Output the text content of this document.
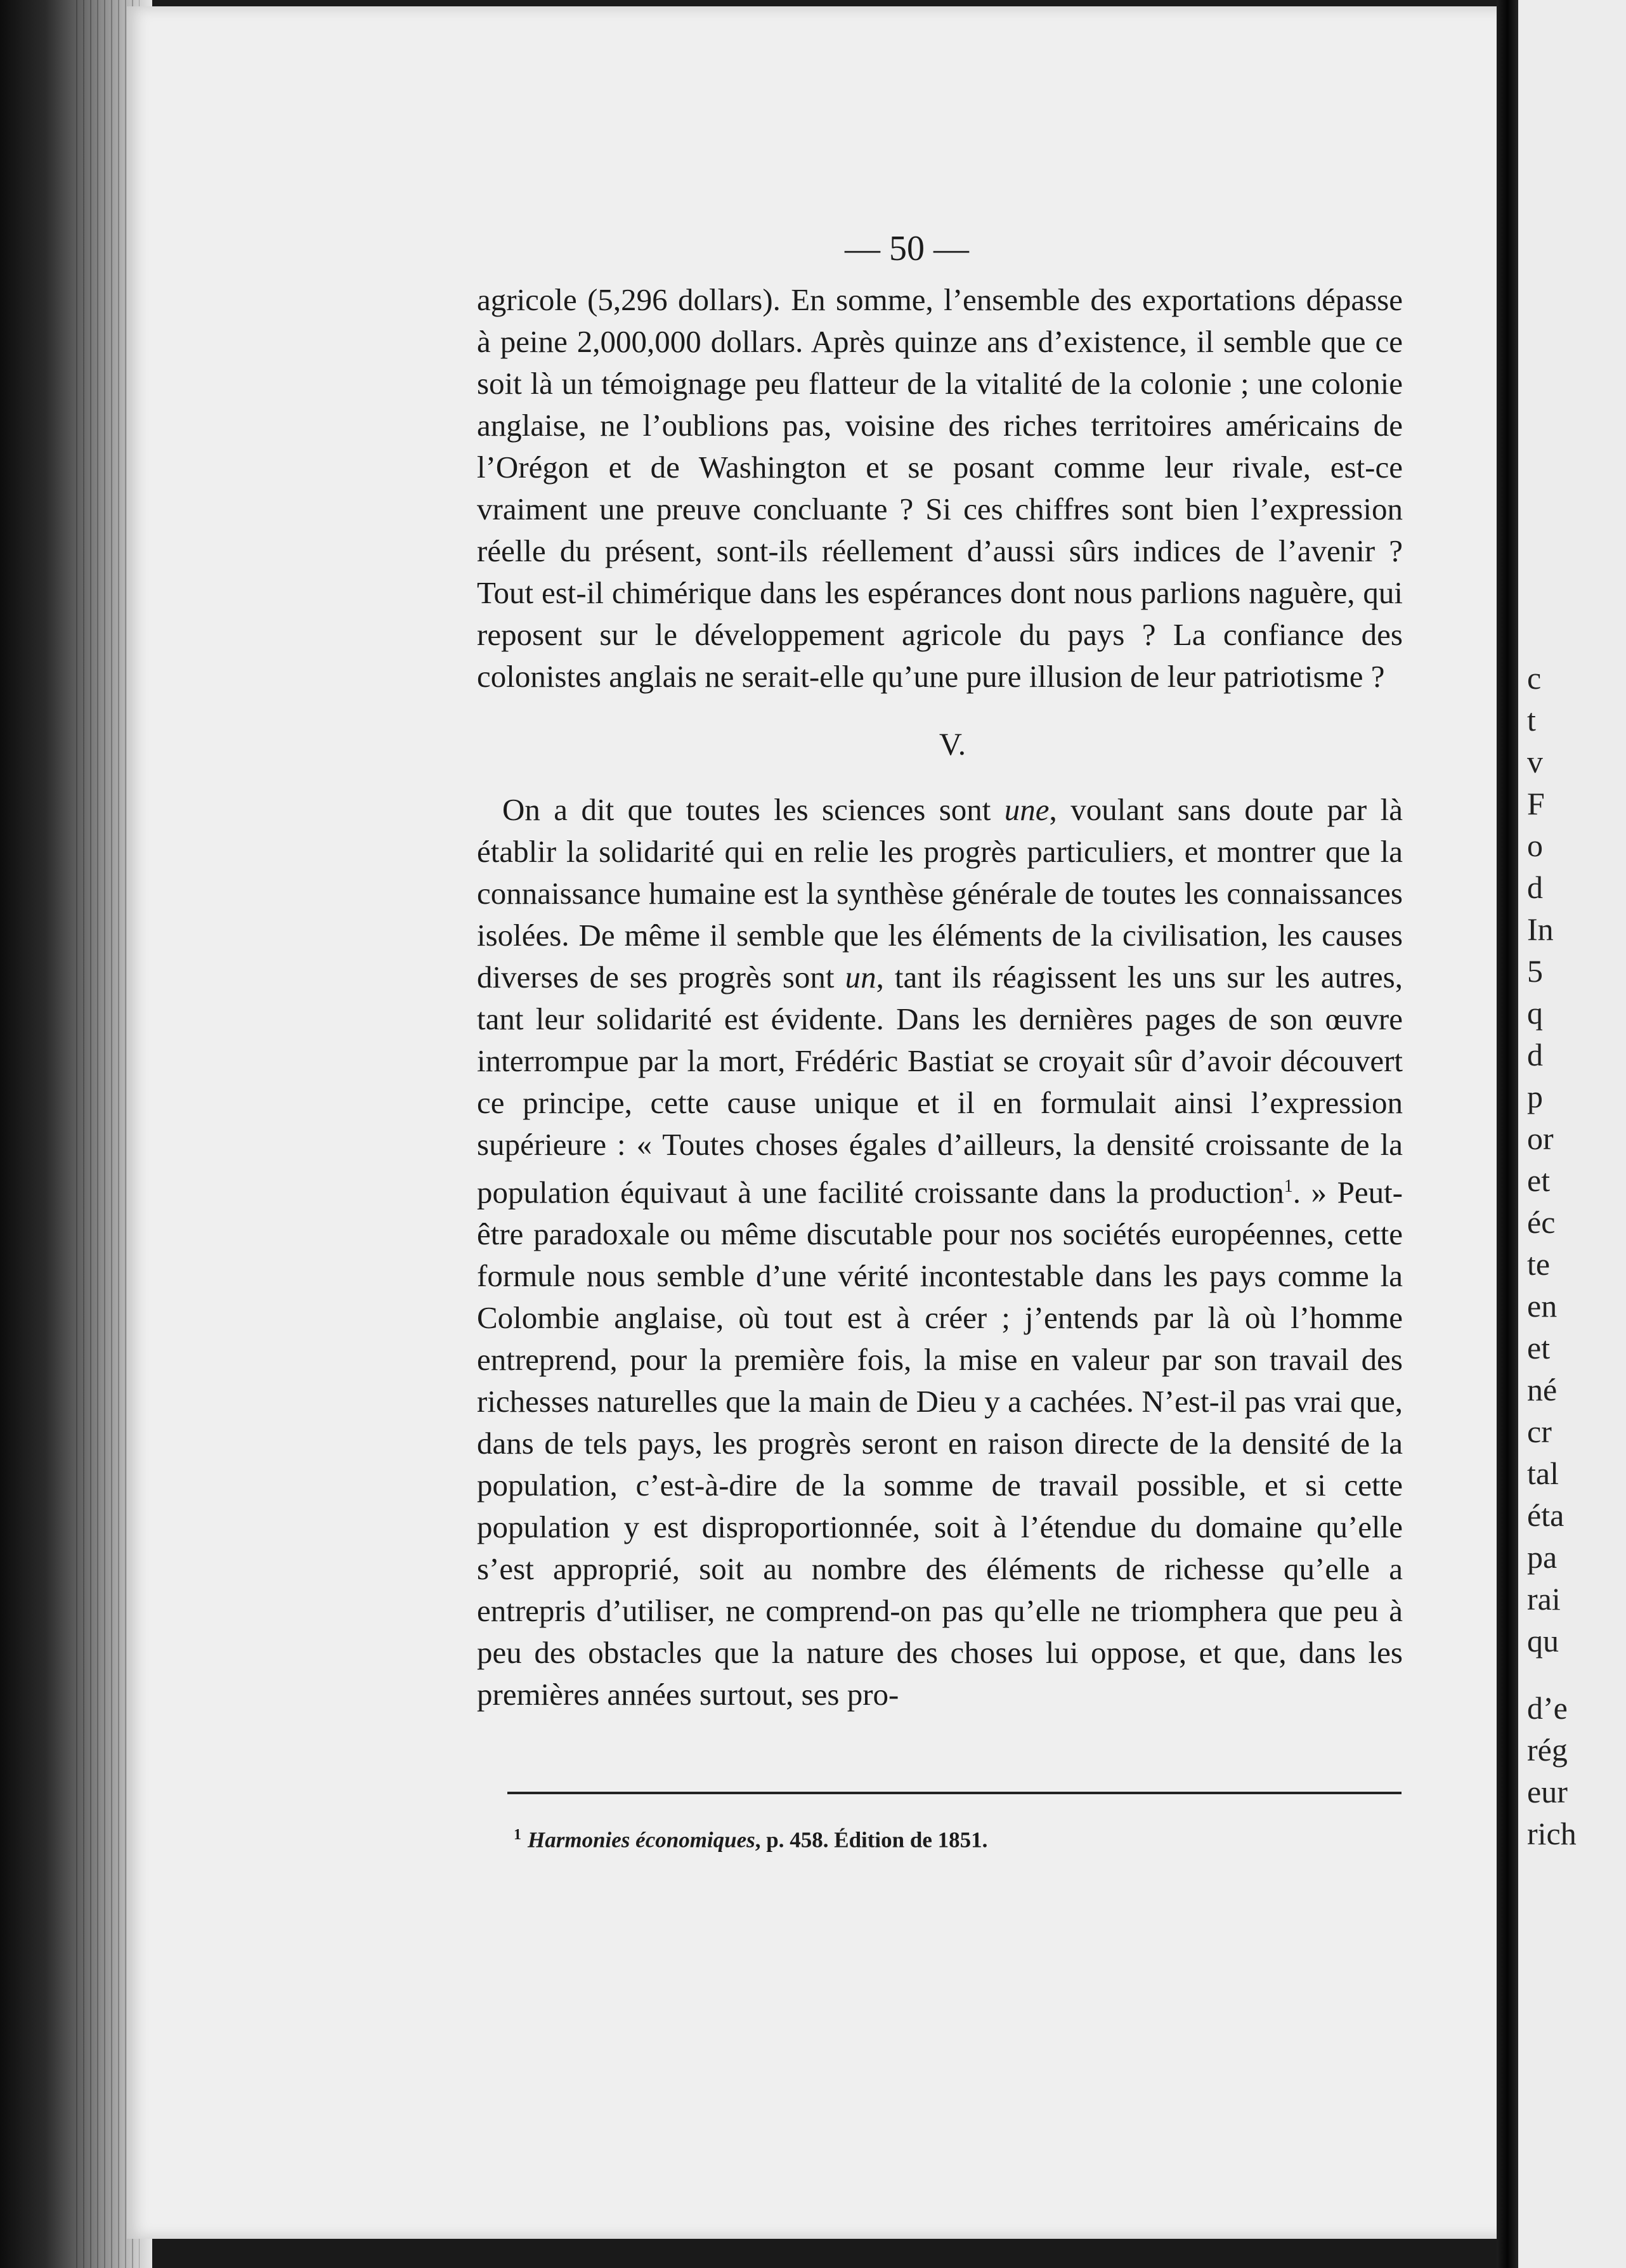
— 50 —

agricole (5,296 dollars). En somme, l’ensemble des exportations dépasse à peine 2,000,000 dollars. Après quinze ans d’existence, il semble que ce soit là un témoignage peu flatteur de la vitalité de la colonie ; une colonie anglaise, ne l’oublions pas, voisine des riches territoires américains de l’Orégon et de Washington et se posant comme leur rivale, est-ce vraiment une preuve concluante ? Si ces chiffres sont bien l’expression réelle du présent, sont-ils réellement d’aussi sûrs indices de l’avenir ? Tout est-il chimérique dans les espérances dont nous parlions naguère, qui reposent sur le développement agricole du pays ? La confiance des colonistes anglais ne serait-elle qu’une pure illusion de leur patriotisme ?

V.

On a dit que toutes les sciences sont une, voulant sans doute par là établir la solidarité qui en relie les progrès particuliers, et montrer que la connaissance humaine est la synthèse générale de toutes les connaissances isolées. De même il semble que les éléments de la civilisation, les causes diverses de ses progrès sont un, tant ils réagissent les uns sur les autres, tant leur solidarité est évidente. Dans les dernières pages de son œuvre interrompue par la mort, Frédéric Bastiat se croyait sûr d’avoir découvert ce principe, cette cause unique et il en formulait ainsi l’expression supérieure : « Toutes choses égales d’ailleurs, la densité croissante de la population équivaut à une facilité croissante dans la production$^1$. » Peut-être paradoxale ou même discutable pour nos sociétés européennes, cette formule nous semble d’une vérité incontestable dans les pays comme la Colombie anglaise, où tout est à créer ; j’entends par là où l’homme entreprend, pour la première fois, la mise en valeur par son travail des richesses naturelles que la main de Dieu y a cachées. N’est-il pas vrai que, dans de tels pays, les progrès seront en raison directe de la densité de la population, c’est-à-dire de la somme de travail possible, et si cette population y est disproportionnée, soit à l’étendue du domaine qu’elle s’est approprié, soit au nombre des éléments de richesse qu’elle a entrepris d’utiliser, ne comprend-on pas qu’elle ne triomphera que peu à peu des obstacles que la nature des choses lui oppose, et que, dans les premières années surtout, ses pro-

$^1$ Harmonies économiques, p. 458. Édition de 1851.
c
t
v
F
o
d
In
5
q
d
p
or
et
éc
te
en
et
né
cr
tal
éta
pa
rai
qu
d’e
rég
eur
rich
